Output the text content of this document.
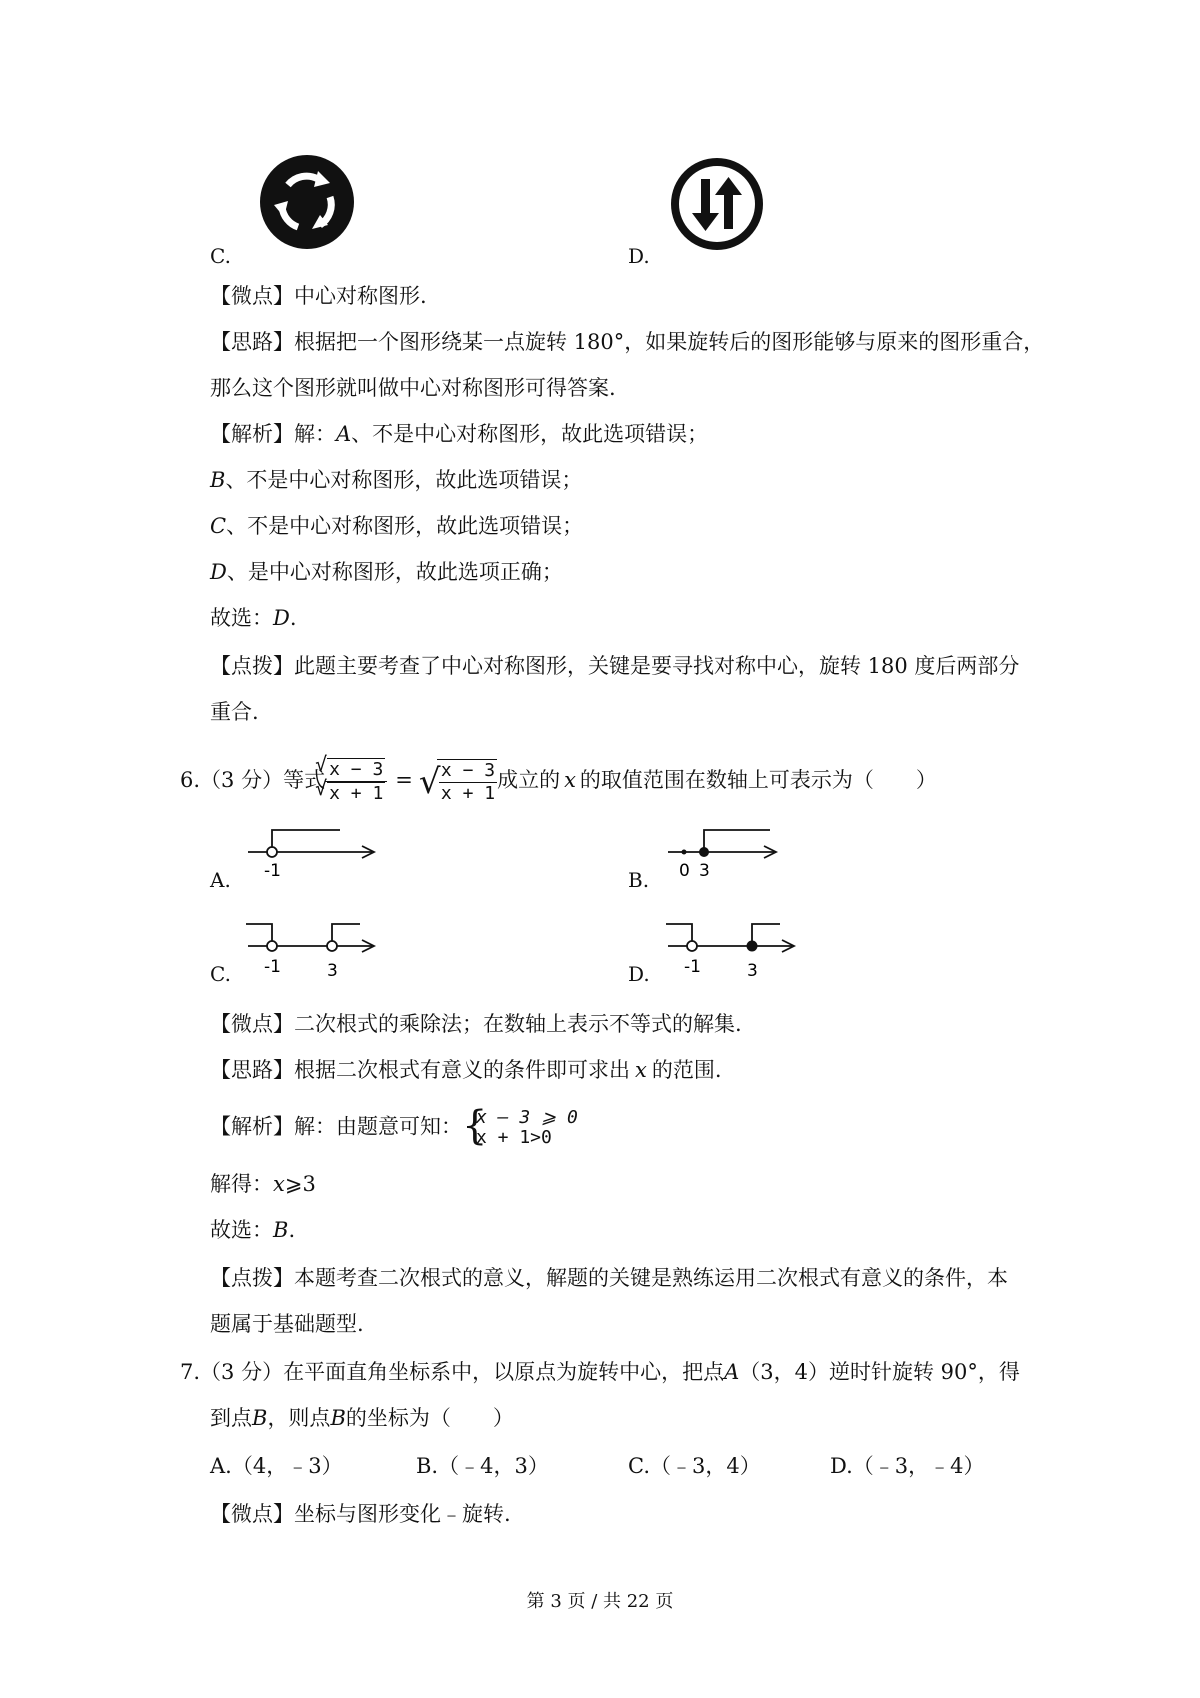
C.	D.
【微点】中心对称图形.
【思路】根据把一个图形绕某一点旋转 180°，如果旋转后的图形能够与原来的图形重合，
那么这个图形就叫做中心对称图形可得答案.
【解析】解：A、不是中心对称图形，故此选项错误；
B、不是中心对称图形，故此选项错误；
C、不是中心对称图形，故此选项错误；
D、是中心对称图形，故此选项正确；
故选：D.
【点拨】此题主要考查了中心对称图形，关键是要寻找对称中心，旋转 180 度后两部分
重合.
6.（3 分）等式 √ x − 3
√ x + 1 = √
$\frac{x - 3}{x + 1}$ 成立的 x 的取值范围在数轴上可表示为（　　）
A. -1	B. 0 3
C. -1	3	D. -1	3
【微点】二次根式的乘除法；在数轴上表示不等式的解集.
【思路】根据二次根式有意义的条件即可求出 x 的范围.
【解析】解：由题意可知： { x ‒ 3 ⩾ 0
x + 1>0
解得：x⩾3
故选：B.
【点拨】本题考查二次根式的意义，解题的关键是熟练运用二次根式有意义的条件，本
题属于基础题型.
7.（3 分）在平面直角坐标系中，以原点为旋转中心，把点A（3，4）逆时针旋转 90°，得
到点B，则点B的坐标为（　　）
A.（4，﹣3）	B.（﹣4，3）	C.（﹣3，4）	D.（﹣3，﹣4）
【微点】坐标与图形变化﹣旋转.
第 3 页 / 共 22 页
